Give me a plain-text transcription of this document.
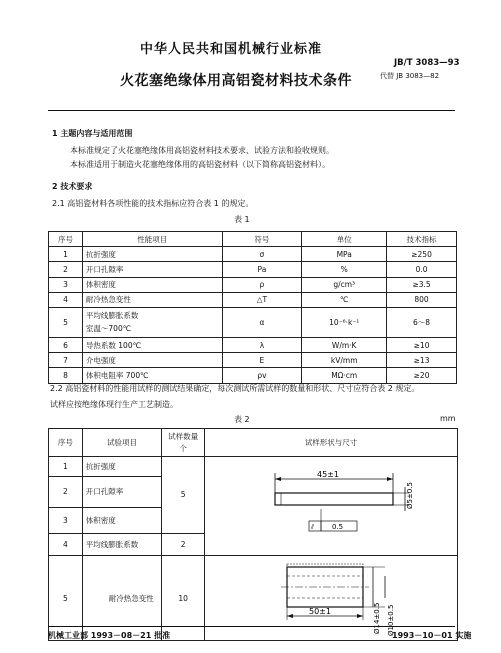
中华人民共和国机械行业标准
JB/T 3083—93
代替 JB 3083—82
火花塞绝缘体用高铝瓷材料技术条件
1 主题内容与适用范围
本标准规定了火花塞绝缘体用高铝瓷材料技术要求、试验方法和验收规则。
本标准适用于制造火花塞绝缘体用的高铝瓷材料（以下简称高铝瓷材料）。
2 技术要求
2.1 高铝瓷材料各项性能的技术指标应符合表 1 的规定。
表 1
序号	性能项目	符号	单位	技术指标
1	抗折强度	σ	MPa	≥250
2	开口孔隙率	Pa	%	0.0
3	体积密度	ρ	g/cm³	≥3.5
4	耐冷热急变性	△T	℃	800
5	平均线膨胀系数
室温～700℃	α	10⁻⁶·k⁻¹	6～8
6	导热系数 100℃	λ	W/m·K	≥10
7	介电强度	E	kV/mm	≥13
8	体积电阻率 700℃	ρv	MΩ·cm	≥20
2.2 高铝瓷材料的性能用试样的测试结果确定，每次测试所需试样的数量和形状、尺寸应符合表 2 规定。
试样应按绝缘体现行生产工艺制造。
表 2	mm
序号	试验项目	试样数量
个	试样形状与尺寸
1	抗折强度	5	45±1
Ø5±0.5
⫽ 0.5

2	开口孔隙率		
3	体积密度		
4	平均线膨胀系数	2	
5	耐冷热急变性	10	50±1 Ø14±0.5 Ø10±0.5
机械工业部 1993－08－21 批准	1993－10－01 实施
